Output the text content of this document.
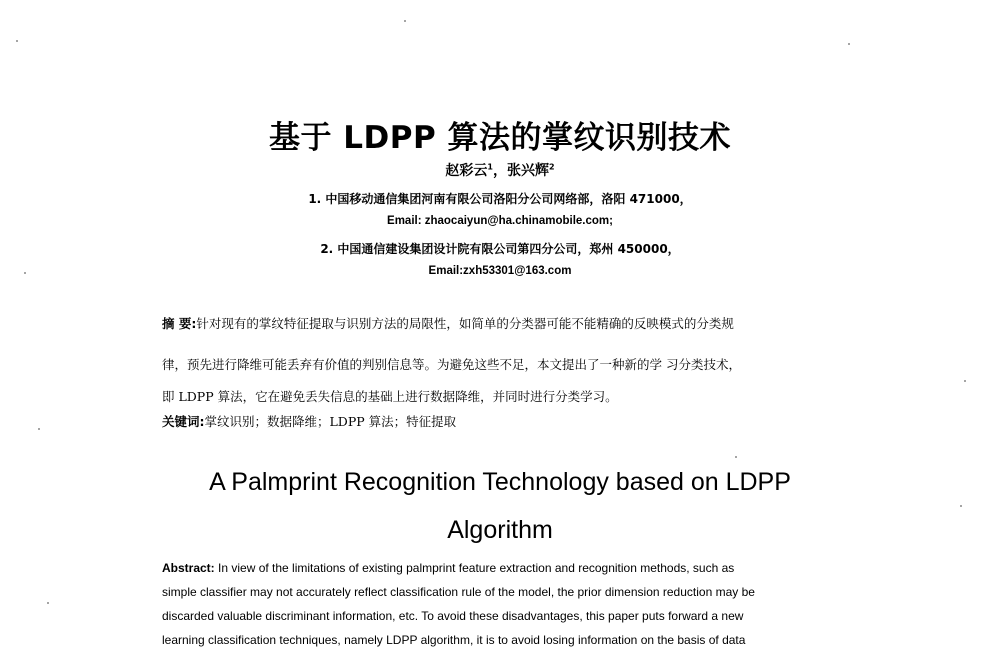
基于 LDPP 算法的掌纹识别技术
赵彩云$^1$，张兴辉$^2$
1. 中国移动通信集团河南有限公司洛阳分公司网络部，洛阳 471000，
Email: zhaocaiyun@ha.chinamobile.com;
2. 中国通信建设集团设计院有限公司第四分公司，郑州 450000，
Email:zxh53301@163.com
摘 要:针对现有的掌纹特征提取与识别方法的局限性，如简单的分类器可能不能精确的反映模式的分类规
律，预先进行降维可能丢弃有价值的判别信息等。为避免这些不足，本文提出了一种新的学 习分类技术，
即 LDPP 算法，它在避免丢失信息的基础上进行数据降维，并同时进行分类学习。
关键词:掌纹识别；数据降维；LDPP 算法；特征提取
A Palmprint Recognition Technology based on LDPP
Algorithm
Abstract: In view of the limitations of existing palmprint feature extraction and recognition methods, such as
simple classifier may not accurately reflect classification rule of the model, the prior dimension reduction may be
discarded valuable discriminant information, etc. To avoid these disadvantages, this paper puts forward a new
learning classification techniques, namely LDPP algorithm, it is to avoid losing information on the basis of data
